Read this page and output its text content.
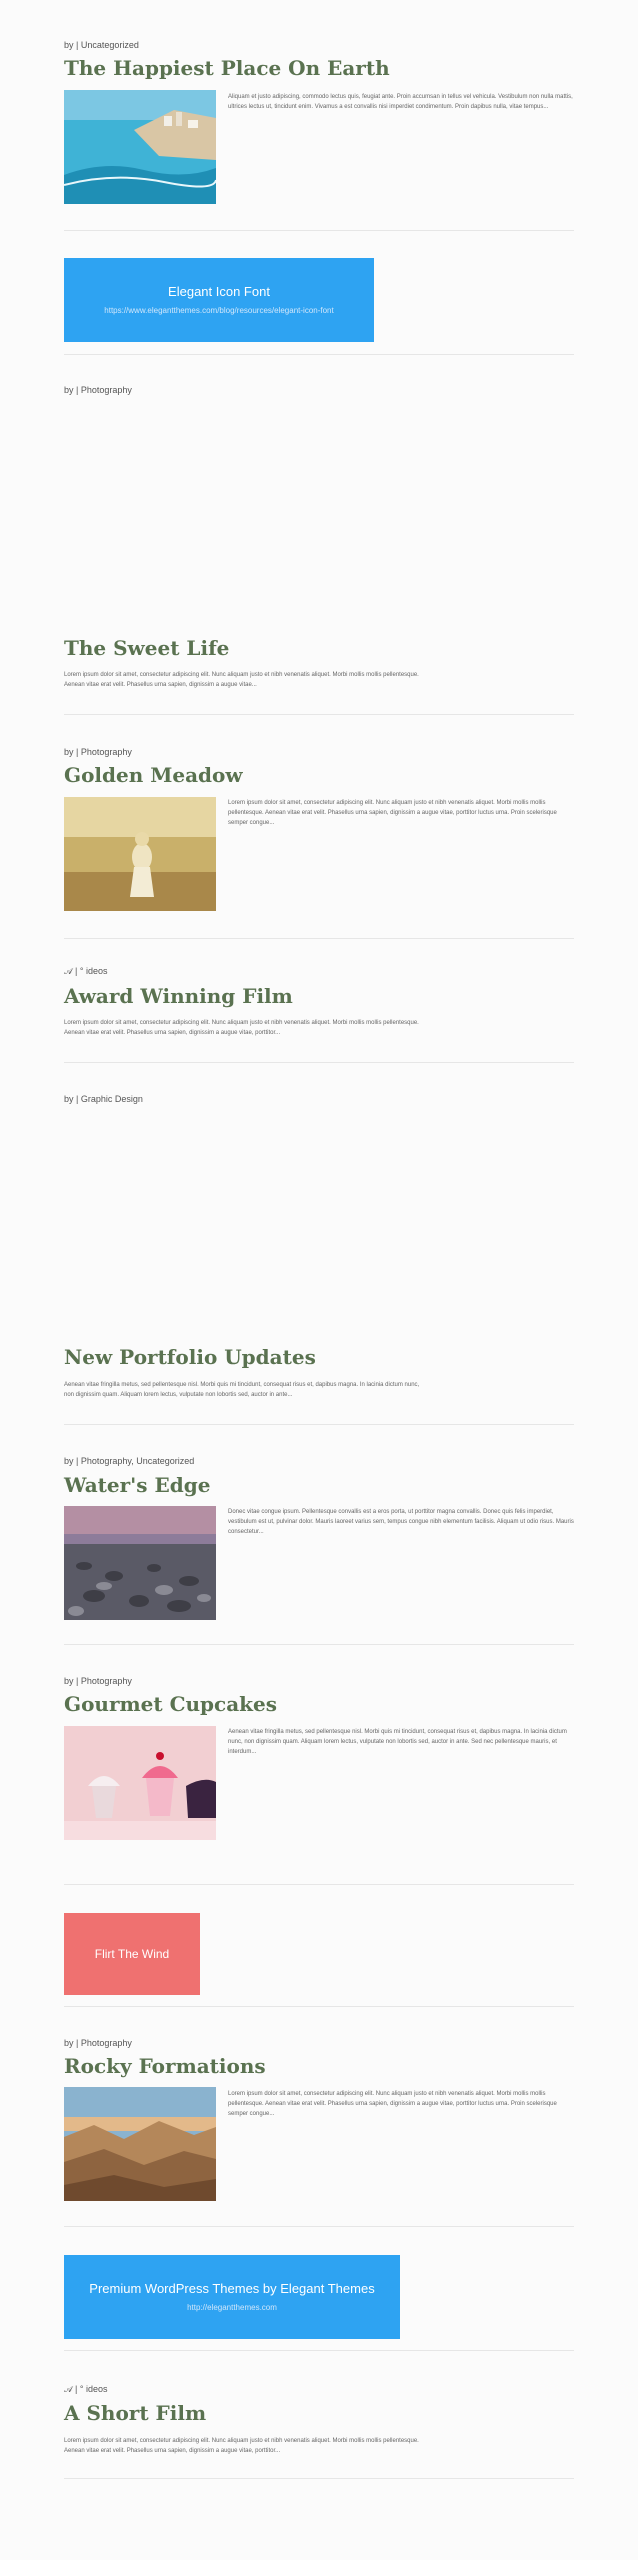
by | Uncategorized
The Happiest Place On Earth
Aliquam et justo adipiscing, commodo lectus quis, feugiat ante. Proin accumsan in tellus vel vehicula. Vestibulum non nulla mattis, ultrices lectus ut, tincidunt enim. Vivamus a est convallis nisi imperdiet condimentum. Proin dapibus nulla, vitae tempus...
Elegant Icon Font
https://www.elegantthemes.com/blog/resources/elegant-icon-font
by | Photography
The Sweet Life
Lorem ipsum dolor sit amet, consectetur adipiscing elit. Nunc aliquam justo et nibh venenatis aliquet. Morbi mollis mollis pellentesque. Aenean vitae erat velit. Phasellus urna sapien, dignissim a augue vitae...
by | Photography
Golden Meadow
Lorem ipsum dolor sit amet, consectetur adipiscing elit. Nunc aliquam justo et nibh venenatis aliquet. Morbi mollis mollis pellentesque. Aenean vitae erat velit. Phasellus urna sapien, dignissim a augue vitae, porttitor luctus urna. Proin scelerisque semper congue...
𝒜 | ° ideos
Award Winning Film
Lorem ipsum dolor sit amet, consectetur adipiscing elit. Nunc aliquam justo et nibh venenatis aliquet. Morbi mollis mollis pellentesque. Aenean vitae erat velit. Phasellus urna sapien, dignissim a augue vitae, porttitor...
by | Graphic Design
New Portfolio Updates
Aenean vitae fringilla metus, sed pellentesque nisl. Morbi quis mi tincidunt, consequat risus et, dapibus magna. In lacinia dictum nunc, non dignissim quam. Aliquam lorem lectus, vulputate non lobortis sed, auctor in ante...
by | Photography, Uncategorized
Water's Edge
Donec vitae congue ipsum. Pellentesque convallis est a eros porta, ut porttitor magna convallis. Donec quis felis imperdiet, vestibulum est ut, pulvinar dolor. Mauris laoreet varius sem, tempus congue nibh elementum facilisis. Aliquam ut odio risus. Mauris consectetur...
by | Photography
Gourmet Cupcakes
Aenean vitae fringilla metus, sed pellentesque nisl. Morbi quis mi tincidunt, consequat risus et, dapibus magna. In lacinia dictum nunc, non dignissim quam. Aliquam lorem lectus, vulputate non lobortis sed, auctor in ante. Sed nec pellentesque mauris, et interdum...
Flirt The Wind
by | Photography
Rocky Formations
Lorem ipsum dolor sit amet, consectetur adipiscing elit. Nunc aliquam justo et nibh venenatis aliquet. Morbi mollis mollis pellentesque. Aenean vitae erat velit. Phasellus urna sapien, dignissim a augue vitae, porttitor luctus urna. Proin scelerisque semper congue...
Premium WordPress Themes by Elegant Themes
http://elegantthemes.com
𝒜 | ° ideos
A Short Film
Lorem ipsum dolor sit amet, consectetur adipiscing elit. Nunc aliquam justo et nibh venenatis aliquet. Morbi mollis mollis pellentesque. Aenean vitae erat velit. Phasellus urna sapien, dignissim a augue vitae, porttitor...
